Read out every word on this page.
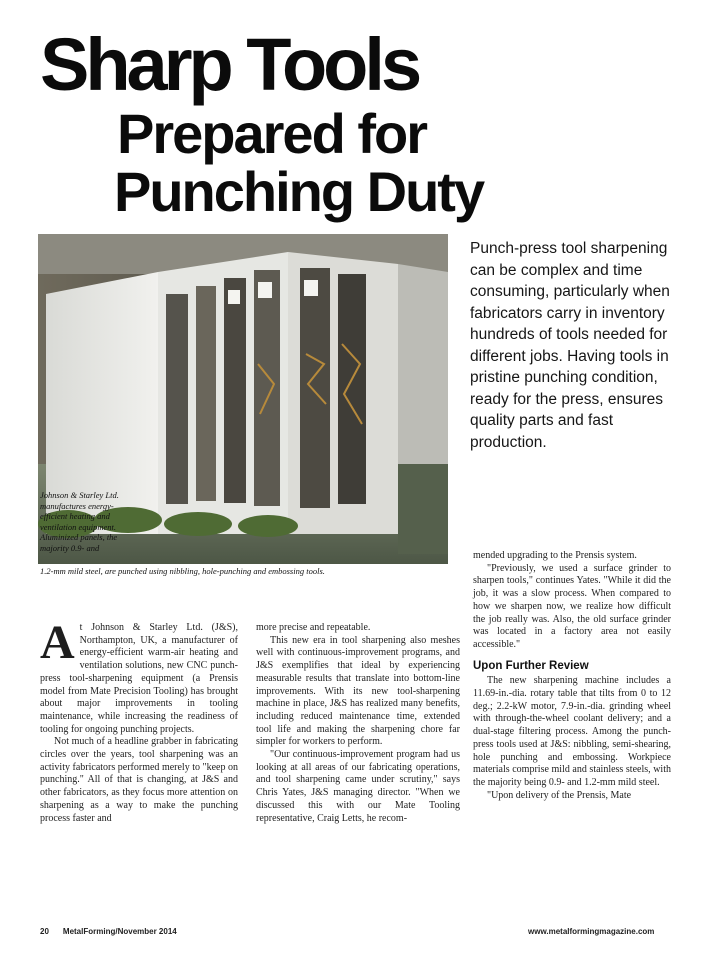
Sharp Tools
Prepared for
Punching Duty
Johnson & Starley Ltd. manufactures energy-efficient heating and ventilation equipment. Aluminized panels, the majority 0.9- and
1.2-mm mild steel, are punched using nibbling, hole-punching and embossing tools.
Punch-press tool sharpening can be complex and time consuming, particularly when fabricators carry in inventory hundreds of tools needed for different jobs. Having tools in pristine punching condition, ready for the press, ensures quality parts and fast production.

At Johnson & Starley Ltd. (J&S), Northampton, UK, a manufacturer of energy-efficient warm-air heating and ventilation solutions, new CNC punch-press tool-sharpening equipment (a Prensis model from Mate Precision Tooling) has brought about major improvements in tooling maintenance, while increasing the readiness of tooling for ongoing punching projects.

Not much of a headline grabber in fabricating circles over the years, tool sharpening was an activity fabricators performed merely to "keep on punching." All of that is changing, at J&S and other fabricators, as they focus more attention on sharpening as a way to make the punching process faster and

more precise and repeatable.

This new era in tool sharpening also meshes well with continuous-improvement programs, and J&S exemplifies that ideal by experiencing measurable results that translate into bottom-line improvements. With its new tool-sharpening machine in place, J&S has realized many benefits, including reduced maintenance time, extended tool life and making the sharpening chore far simpler for workers to perform.

"Our continuous-improvement program had us looking at all areas of our fabricating operations, and tool sharpening came under scrutiny," says Chris Yates, J&S managing director. "When we discussed this with our Mate Tooling representative, Craig Letts, he recom-

mended upgrading to the Prensis system.

"Previously, we used a surface grinder to sharpen tools," continues Yates. "While it did the job, it was a slow process. When compared to how we sharpen now, we realize how difficult the job really was. Also, the old surface grinder was located in a factory area not easily accessible."

Upon Further Review

The new sharpening machine includes a 11.69-in.-dia. rotary table that tilts from 0 to 12 deg.; 2.2-kW motor, 7.9-in.-dia. grinding wheel with through-the-wheel coolant delivery; and a dual-stage filtering process. Among the punch-press tools used at J&S: nibbling, semi-shearing, hole punching and embossing. Workpiece materials comprise mild and stainless steels, with the majority being 0.9- and 1.2-mm mild steel.

"Upon delivery of the Prensis, Mate

20 MetalForming/November 2014	www.metalformingmagazine.com
